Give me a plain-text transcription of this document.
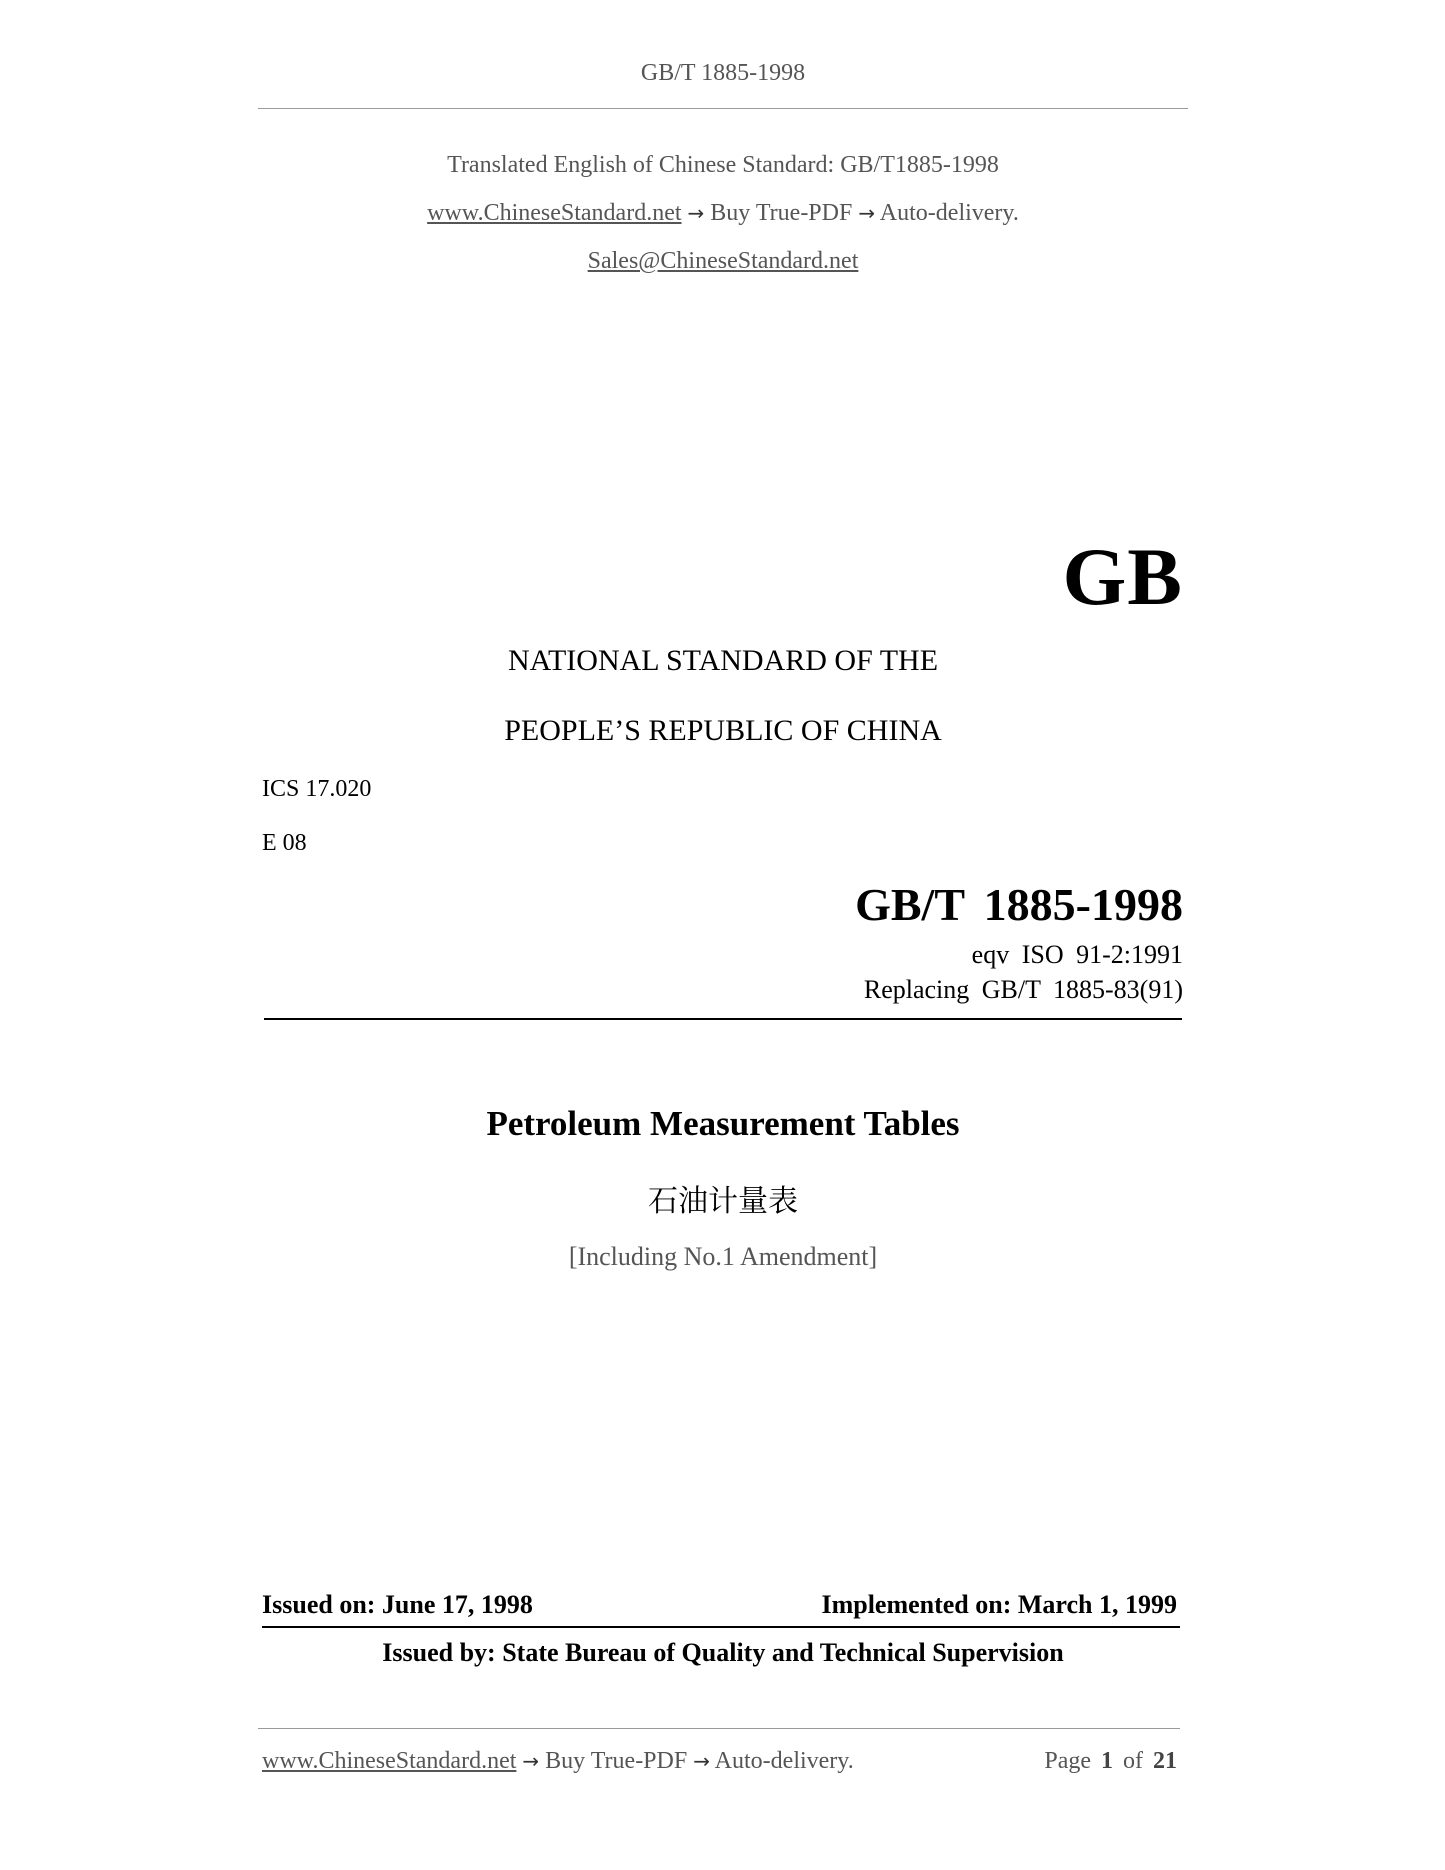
GB/T 1885-1998
Translated English of Chinese Standard: GB/T1885-1998
www.ChineseStandard.net → Buy True-PDF → Auto-delivery.
Sales@ChineseStandard.net
GB
NATIONAL STANDARD OF THE
PEOPLE’S REPUBLIC OF CHINA
ICS 17.020
E 08
GB/T 1885-1998
eqv ISO 91-2:1991
Replacing GB/T 1885-83(91)
Petroleum Measurement Tables
石油计量表
[Including No.1 Amendment]
Issued on: June 17, 1998	Implemented on: March 1, 1999
Issued by: State Bureau of Quality and Technical Supervision
www.ChineseStandard.net → Buy True-PDF → Auto-delivery.	Page 1 of 21
